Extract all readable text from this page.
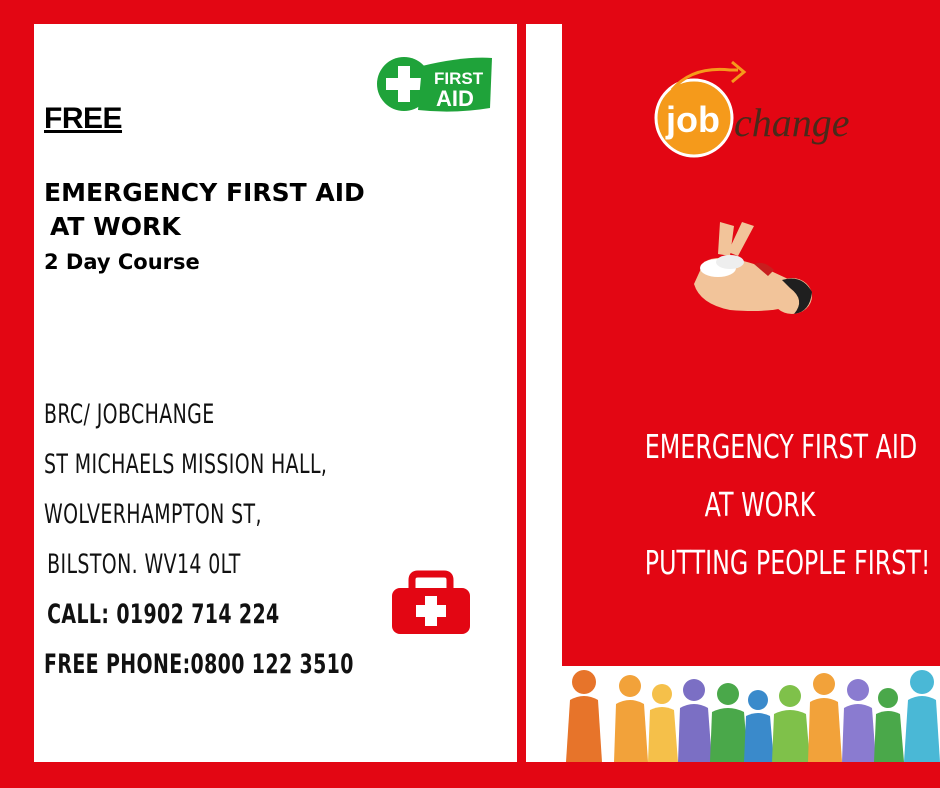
FREE
EMERGENCY FIRST AID
AT WORK
2 Day Course
BRC/ JOBCHANGE
ST MICHAELS MISSION HALL,
WOLVERHAMPTON ST,
BILSTON. WV14 0LT
CALL: 01902 714 224
FREE PHONE:0800 122 3510
FIRST
AID
job change
EMERGENCY FIRST AID
AT WORK
PUTTING PEOPLE FIRST!
